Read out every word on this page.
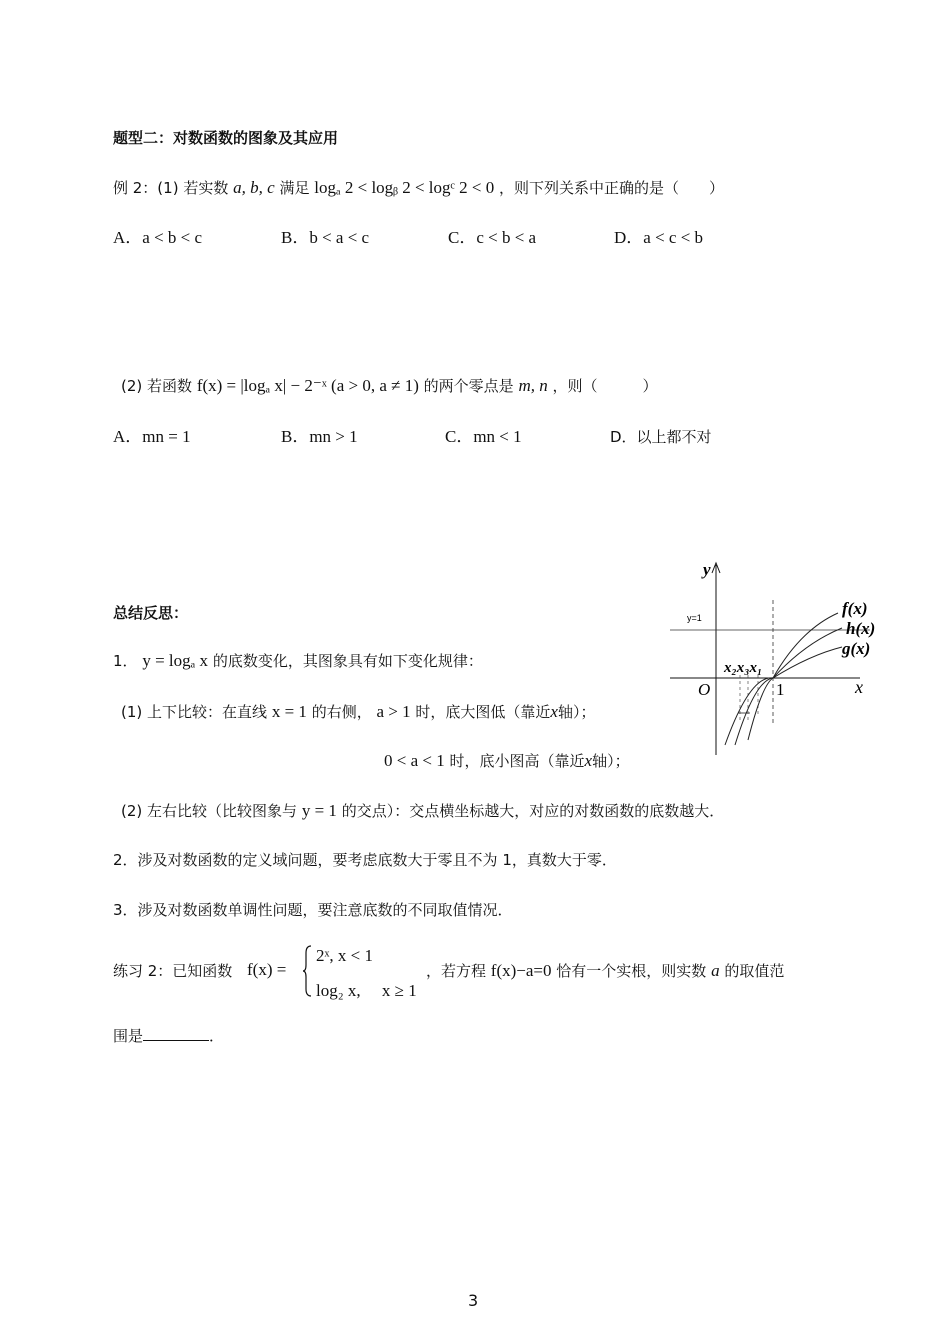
题型二：对数函数的图象及其应用
例 2：(1) 若实数 a, b, c 满足 logₐ 2 < logᵦ 2 < logᶜ 2 < 0 ，则下列关系中正确的是（　　）
A．a < b < c	B．b < a < c	C．c < b < a	D．a < c < b
(2) 若函数 f(x) = |logₐ x| − 2⁻ˣ (a > 0, a ≠ 1) 的两个零点是 m, n ，则（　　　）
A．mn = 1	B．mn > 1	C．mn < 1	D．以上都不对
总结反思：
1． y = logₐ x 的底数变化，其图象具有如下变化规律：
(1) 上下比较：在直线 x = 1 的右侧， a > 1 时，底大图低（靠近x轴）；
0 < a < 1 时，底小图高（靠近x轴）；
(2) 左右比较（比较图象与 y = 1 的交点）：交点横坐标越大，对应的对数函数的底数越大．
2．涉及对数函数的定义域问题，要考虑底数大于零且不为 1，真数大于零．
3．涉及对数函数单调性问题，要注意底数的不同取值情况．
练习 2：已知函数 f(x) =
2ˣ, x < 1
log₂ x,　 x ≥ 1
，若方程 f(x)−a=0 恰有一个实根，则实数 a 的取值范
围是	．
y
x
O	1
y=1
x₂x₃x₁
f(x)
h(x)
g(x)
3
